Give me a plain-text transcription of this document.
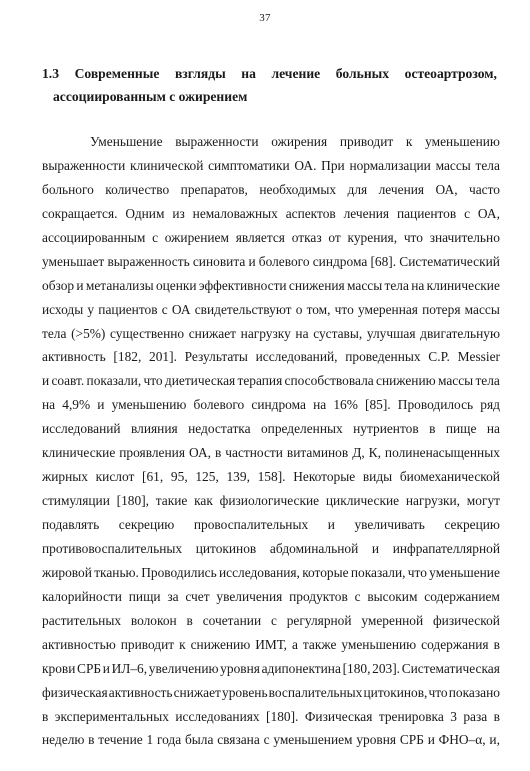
37
1.3 Современные взгляды на лечение больных остеоартрозом,
ассоциированным с ожирением
Уменьшение выраженности ожирения приводит к уменьшению
выраженности клинической симптоматики ОА. При нормализации массы тела
больного количество препаратов, необходимых для лечения ОА, часто
сокращается. Одним из немаловажных аспектов лечения пациентов с ОА,
ассоциированным с ожирением является отказ от курения, что значительно
уменьшает выраженность синовита и болевого синдрома [68]. Систематический
обзор и метанализы оценки эффективности снижения массы тела на клинические
исходы у пациентов с ОА свидетельствуют о том, что умеренная потеря массы
тела (>5%) существенно снижает нагрузку на суставы, улучшая двигательную
активность [182, 201]. Результаты исследований, проведенных C.P. Messier
и соавт. показали, что диетическая терапия способствовала снижению массы тела
на 4,9% и уменьшению болевого синдрома на 16% [85]. Проводилось ряд
исследований влияния недостатка определенных нутриентов в пище на
клинические проявления ОА, в частности витаминов Д, К, полиненасыщенных
жирных кислот [61, 95, 125, 139, 158]. Некоторые виды биомеханической
стимуляции [180], такие как физиологические циклические нагрузки, могут
подавлять секрецию провоспалительных и увеличивать секрецию
противовоспалительных цитокинов абдоминальной и инфрапателлярной
жировой тканью. Проводились исследования, которые показали, что уменьшение
калорийности пищи за счет увеличения продуктов с высоким содержанием
растительных волокон в сочетании с регулярной умеренной физической
активностью приводит к снижению ИМТ, а также уменьшению содержания в
крови СРБ и ИЛ–6, увеличению уровня адипонектина [180, 203]. Систематическая
физическая активность снижает уровень воспалительных цитокинов, что показано
в экспериментальных исследованиях [180]. Физическая тренировка 3 раза в
неделю в течение 1 года была связана с уменьшением уровня СРБ и ФНО–α, и,
